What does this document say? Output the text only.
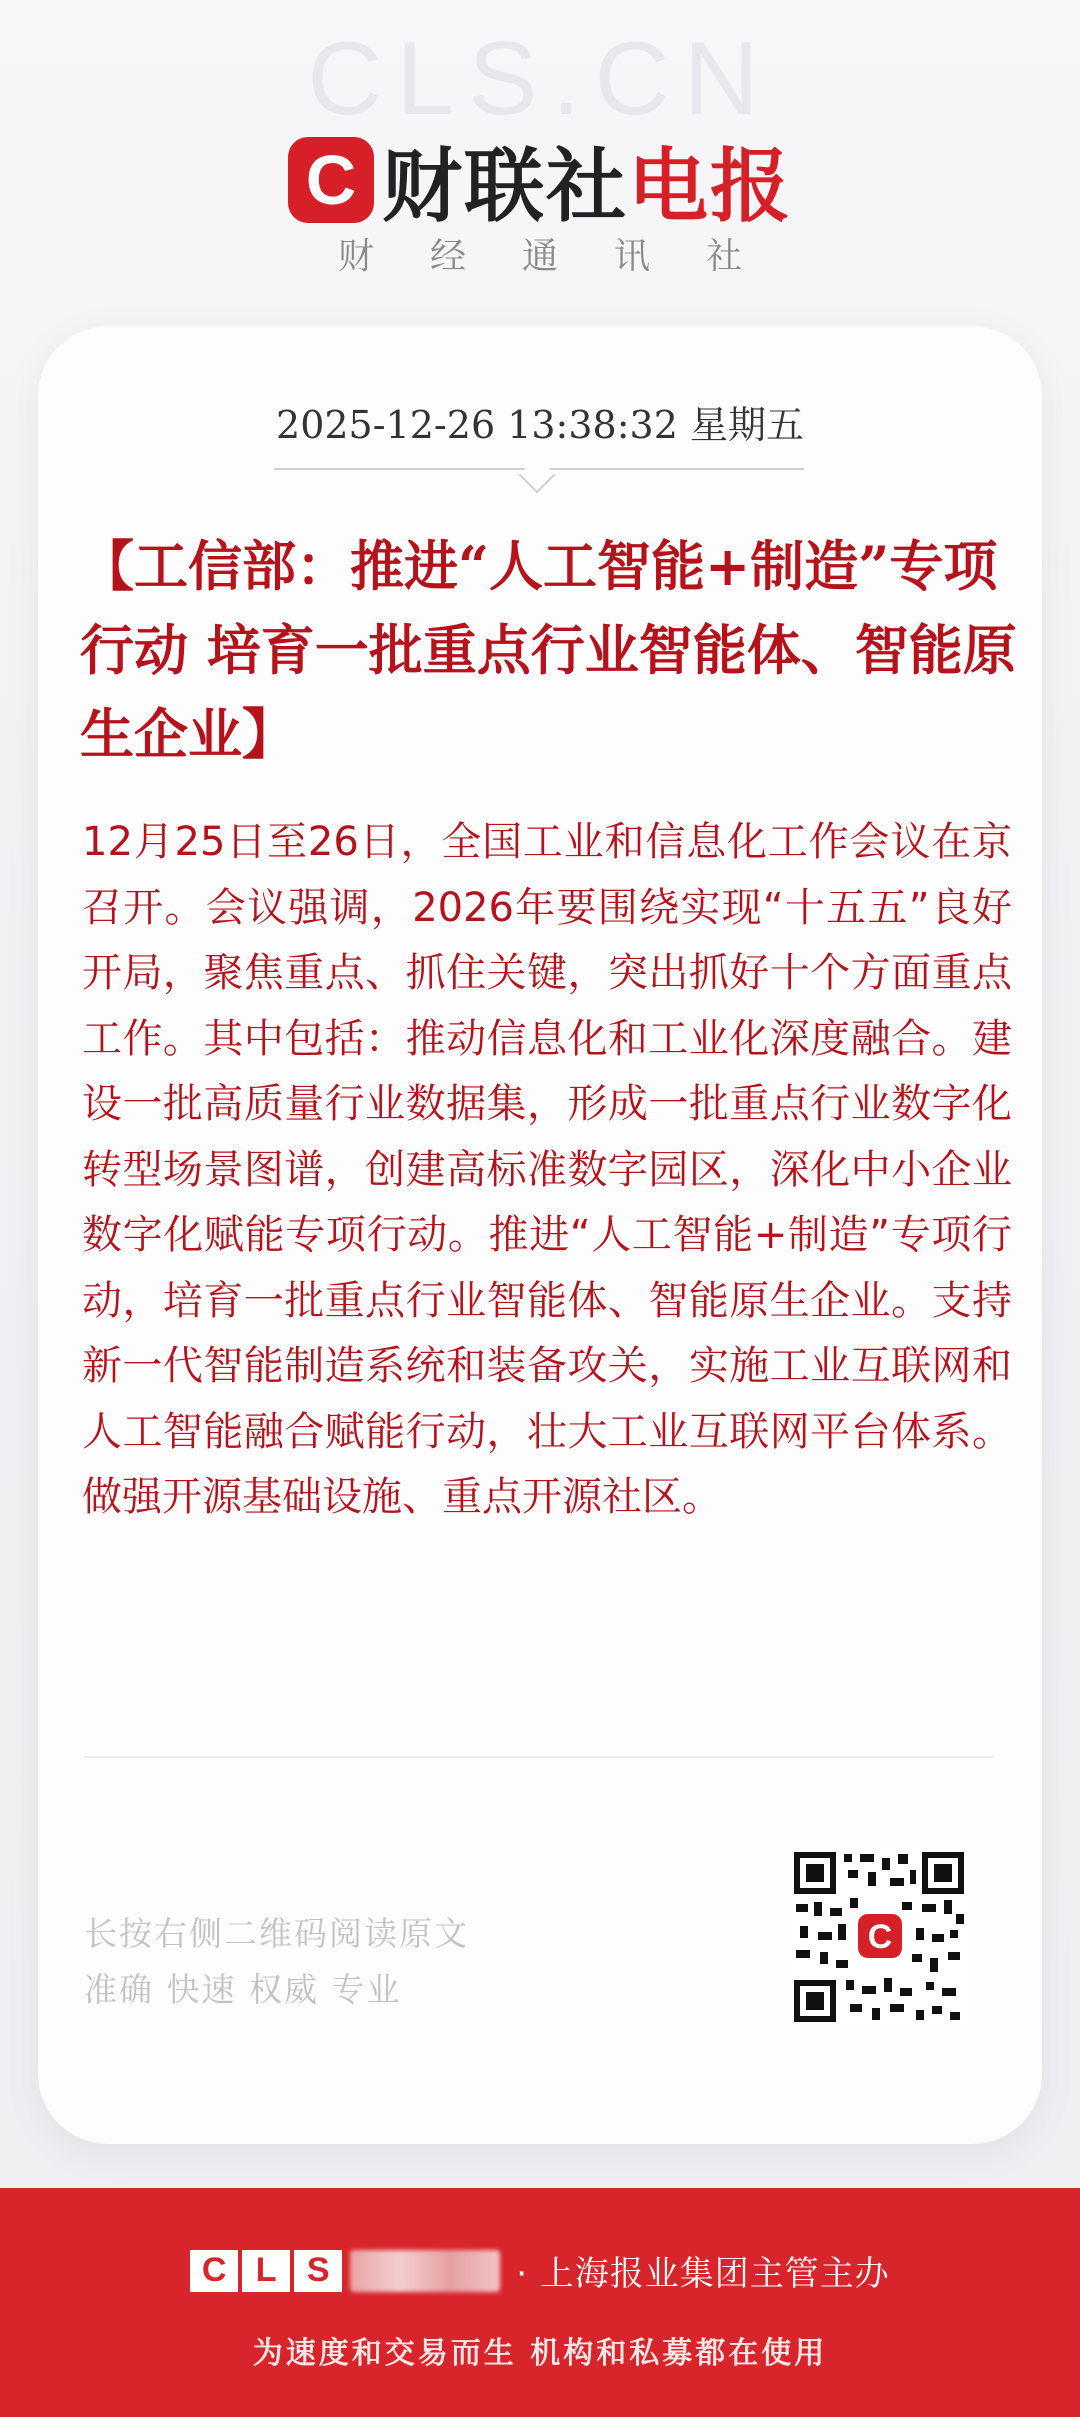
CLS.CN
C 财联社电报
财经通讯社
2025-12-26 13:38:32 星期五
【工信部：推进“人工智能+制造”专项行动 培育一批重点行业智能体、智能原生企业】
12月25日至26日，全国工业和信息化工作会议在京召开。会议强调，2026年要围绕实现“十五五”良好开局，聚焦重点、抓住关键，突出抓好十个方面重点工作。其中包括：推动信息化和工业化深度融合。建设一批高质量行业数据集，形成一批重点行业数字化转型场景图谱，创建高标准数字园区，深化中小企业数字化赋能专项行动。推进“人工智能+制造”专项行动，培育一批重点行业智能体、智能原生企业。支持新一代智能制造系统和装备攻关，实施工业互联网和人工智能融合赋能行动，壮大工业互联网平台体系。做强开源基础设施、重点开源社区。
长按右侧二维码阅读原文
准确 快速 权威 专业
C
C L S	· 上海报业集团主管主办
为速度和交易而生 机构和私募都在使用
